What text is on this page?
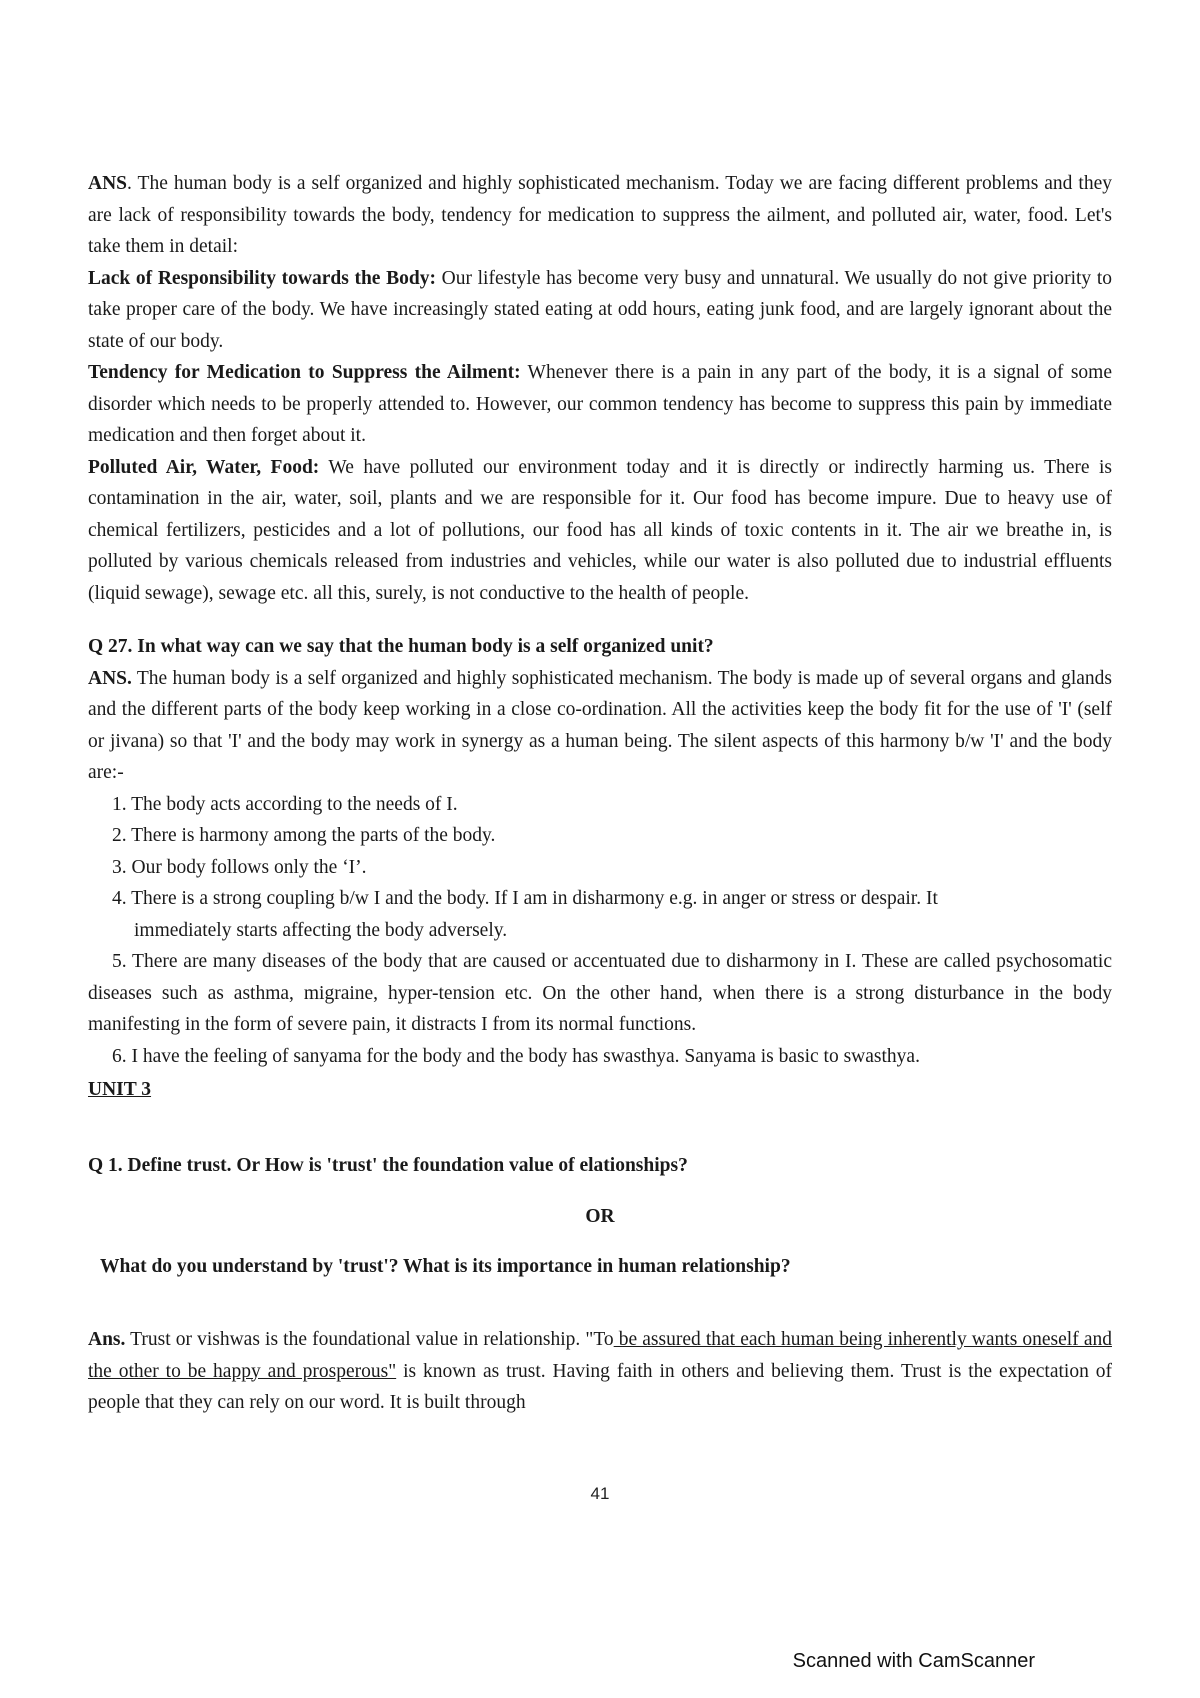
ANS. The human body is a self organized and highly sophisticated mechanism. Today we are facing different problems and they are lack of responsibility towards the body, tendency for medication to suppress the ailment, and polluted air, water, food. Let's take them in detail:

Lack of Responsibility towards the Body: Our lifestyle has become very busy and unnatural. We usually do not give priority to take proper care of the body. We have increasingly stated eating at odd hours, eating junk food, and are largely ignorant about the state of our body.

Tendency for Medication to Suppress the Ailment: Whenever there is a pain in any part of the body, it is a signal of some disorder which needs to be properly attended to. However, our common tendency has become to suppress this pain by immediate medication and then forget about it.

Polluted Air, Water, Food: We have polluted our environment today and it is directly or indirectly harming us. There is contamination in the air, water, soil, plants and we are responsible for it. Our food has become impure. Due to heavy use of chemical fertilizers, pesticides and a lot of pollutions, our food has all kinds of toxic contents in it. The air we breathe in, is polluted by various chemicals released from industries and vehicles, while our water is also polluted due to industrial effluents (liquid sewage), sewage etc. all this, surely, is not conductive to the health of people.

Q 27. In what way can we say that the human body is a self organized unit?

ANS. The human body is a self organized and highly sophisticated mechanism. The body is made up of several organs and glands and the different parts of the body keep working in a close co-ordination. All the activities keep the body fit for the use of 'I' (self or jivana) so that 'I' and the body may work in synergy as a human being. The silent aspects of this harmony b/w 'I' and the body are:-

1. The body acts according to the needs of I.

2. There is harmony among the parts of the body.

3. Our body follows only the ‘I’.

4. There is a strong coupling b/w I and the body. If I am in disharmony e.g. in anger or stress or despair. It
immediately starts affecting the body adversely.

5. There are many diseases of the body that are caused or accentuated due to disharmony in I. These are called psychosomatic diseases such as asthma, migraine, hyper-tension etc. On the other hand, when there is a strong disturbance in the body manifesting in the form of severe pain, it distracts I from its normal functions.

6. I have the feeling of sanyama for the body and the body has swasthya. Sanyama is basic to swasthya.

UNIT 3

Q 1. Define trust. Or How is 'trust' the foundation value of elationships?

OR

What do you understand by 'trust'? What is its importance in human relationship?

Ans. Trust or vishwas is the foundational value in relationship. "To be assured that each human being inherently wants oneself and the other to be happy and prosperous" is known as trust. Having faith in others and believing them. Trust is the expectation of people that they can rely on our word. It is built through

41
Scanned with CamScanner
